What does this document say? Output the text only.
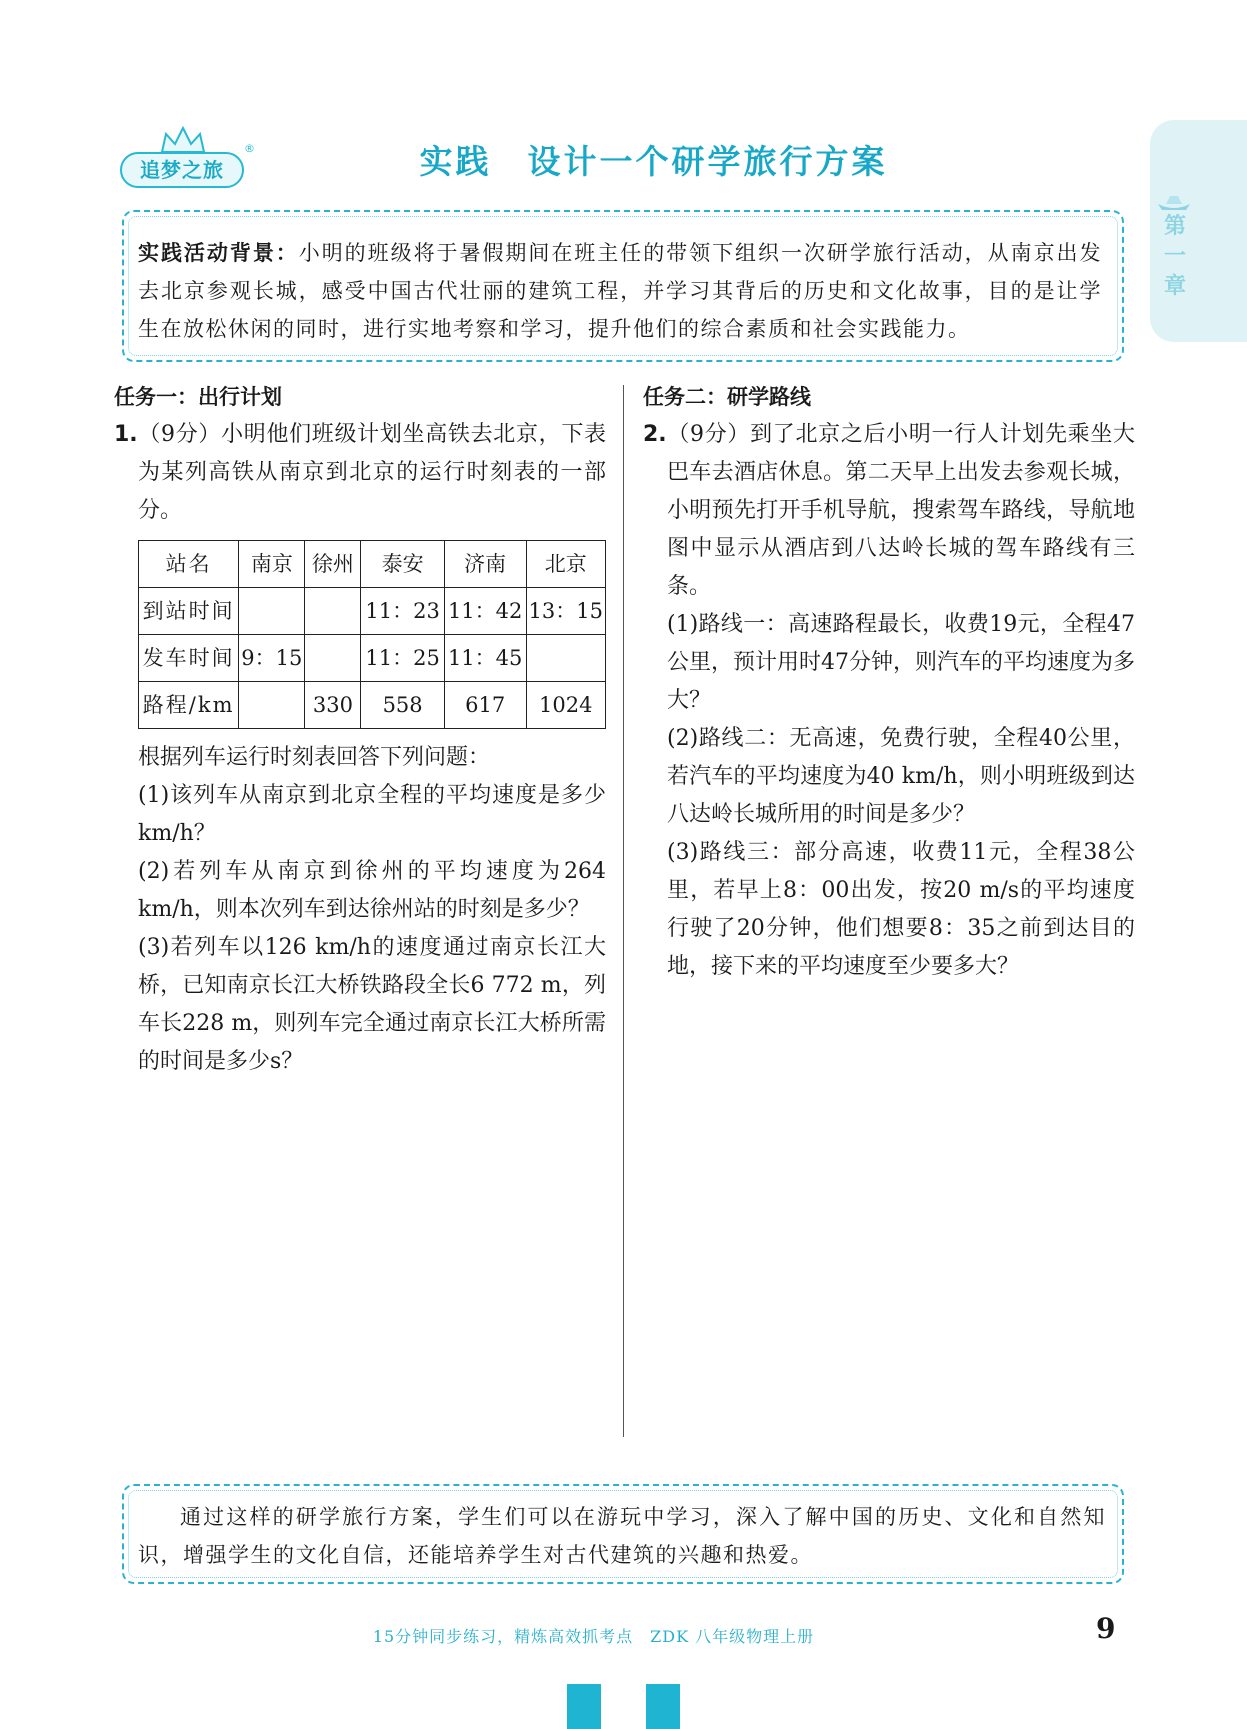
追梦之旅
®	实践　设计一个研学旅行方案
第一章

实践活动背景：小明的班级将于暑假期间在班主任的带领下组织一次研学旅行活动，从南京出发去北京参观长城，感受中国古代壮丽的建筑工程，并学习其背后的历史和文化故事，目的是让学生在放松休闲的同时，进行实地考察和学习，提升他们的综合素质和社会实践能力。

任务一：出行计划

1.（9分）小明他们班级计划坐高铁去北京，下表为某列高铁从南京到北京的运行时刻表的一部分。

站名	南京	徐州	泰安	济南	北京
到站时间			11：23	11：42	13：15
发车时间	9：15		11：25	11：45	
路程/km		330	558	617	1024

根据列车运行时刻表回答下列问题：

(1)该列车从南京到北京全程的平均速度是多少km/h？

(2)若列车从南京到徐州的平均速度为264 km/h，则本次列车到达徐州站的时刻是多少？

(3)若列车以126 km/h的速度通过南京长江大桥，已知南京长江大桥铁路段全长6 772 m，列车长228 m，则列车完全通过南京长江大桥所需的时间是多少s？

任务二：研学路线

2.（9分）到了北京之后小明一行人计划先乘坐大巴车去酒店休息。第二天早上出发去参观长城，小明预先打开手机导航，搜索驾车路线，导航地图中显示从酒店到八达岭长城的驾车路线有三条。

(1)路线一：高速路程最长，收费19元，全程47公里，预计用时47分钟，则汽车的平均速度为多大？

(2)路线二：无高速，免费行驶，全程40公里，若汽车的平均速度为40 km/h，则小明班级到达八达岭长城所用的时间是多少？

(3)路线三：部分高速，收费11元，全程38公里，若早上8：00出发，按20 m/s的平均速度行驶了20分钟，他们想要8：35之前到达目的地，接下来的平均速度至少要多大？

通过这样的研学旅行方案，学生们可以在游玩中学习，深入了解中国的历史、文化和自然知识，增强学生的文化自信，还能培养学生对古代建筑的兴趣和热爱。

15分钟同步练习，精炼高效抓考点　ZDK 八年级物理上册	9
